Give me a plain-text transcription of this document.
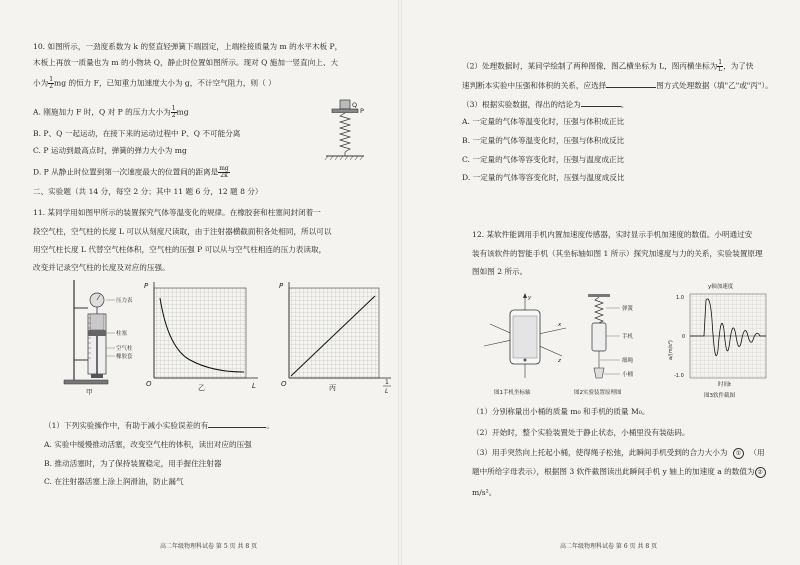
10. 如图所示，一劲度系数为 k 的竖直轻弹簧下端固定，上端栓接质量为 m 的水平木板 P，
木板上再放一质量也为 m 的小物块 Q，静止时位置如图所示。现对 Q 施加一竖直向上、大
小为 $\frac{1}{2}$ mg 的恒力 F，已知重力加速度大小为 g，不计空气阻力，则（ ）
A. 刚施加力 F 时，Q 对 P 的压力大小为 $\frac{1}{2}$ mg
B. P、Q 一起运动，在接下来的运动过程中 P、Q 不可能分离
C. P 运动到最高点时，弹簧的弹力大小为 mg
D. P 从静止时位置到第一次速度最大的位置间的距离是 $\frac{mg}{2k}$
Q
P
二、实验题（共 14 分，每空 2 分；其中 11 题 6 分，12 题 8 分）
11. 某同学用如图甲所示的装置探究气体等温变化的规律。在橡胶套和柱塞间封闭着一
段空气柱，空气柱的长度 L 可以从刻度尺读取，由于注射器横截面积各处相同，所以可以
用空气柱长度 L 代替空气柱体积，空气柱的压强 P 可以从与空气柱相连的压力表读取，
改变并记录空气柱的长度及对应的压强。
压力表
柱塞
空气柱
橡胶套
甲
P
O	L
乙
P
O	1
L
丙
（1）下列实验操作中，有助于减小实验误差的有	。
A. 实验中缓慢推动活塞，改变空气柱的体积，读出对应的压强
B. 推动活塞时，为了保持装置稳定，用手握住注射器
C. 在注射器活塞上涂上润滑油，防止漏气
高二年级物理科试卷 第 5 页 共 8 页
（2）处理数据时，某同学绘制了两种图像，图乙横坐标为 L，图丙横坐标为 $\frac{1}{L}$ ，为了快
速判断本实验中压强和体积的关系，应选择	图方式处理数据（填"乙"或"丙"）。
（3）根据实验数据，得出的结论为	。
A. 一定量的气体等温变化时，压强与体积成正比
B. 一定量的气体等温变化时，压强与体积成反比
C. 一定量的气体等容变化时，压强与温度成正比
D. 一定量的气体等容变化时，压强与温度成反比
12. 某软件能调用手机内置加速度传感器，实时显示手机加速度的数值。小明通过安
装有该软件的智能手机（其坐标轴如图 1 所示）探究加速度与力的关系，实验装置原理
图如图 2 所示。
y
x
z
图1手机坐标轴
弹簧
手机
细绳
小桶
图2实验装置原理图
y轴加速度
1.0
0
-1.0
a/(m/s²)
时间t
图3软件截图
（1）分别称量出小桶的质量 m₀ 和手机的质量 M₀。
（2）开始时，整个实验装置处于静止状态，小桶里没有装砝码。
（3）用手突然向上托起小桶，使得绳子松弛，此瞬间手机受到的合力大小为 ① （用
题中所给字母表示），根据图 3 软件截图读出此瞬间手机 y 轴上的加速度 a 的数值为 ②
m/s²。
高二年级物理科试卷 第 6 页 共 8 页
